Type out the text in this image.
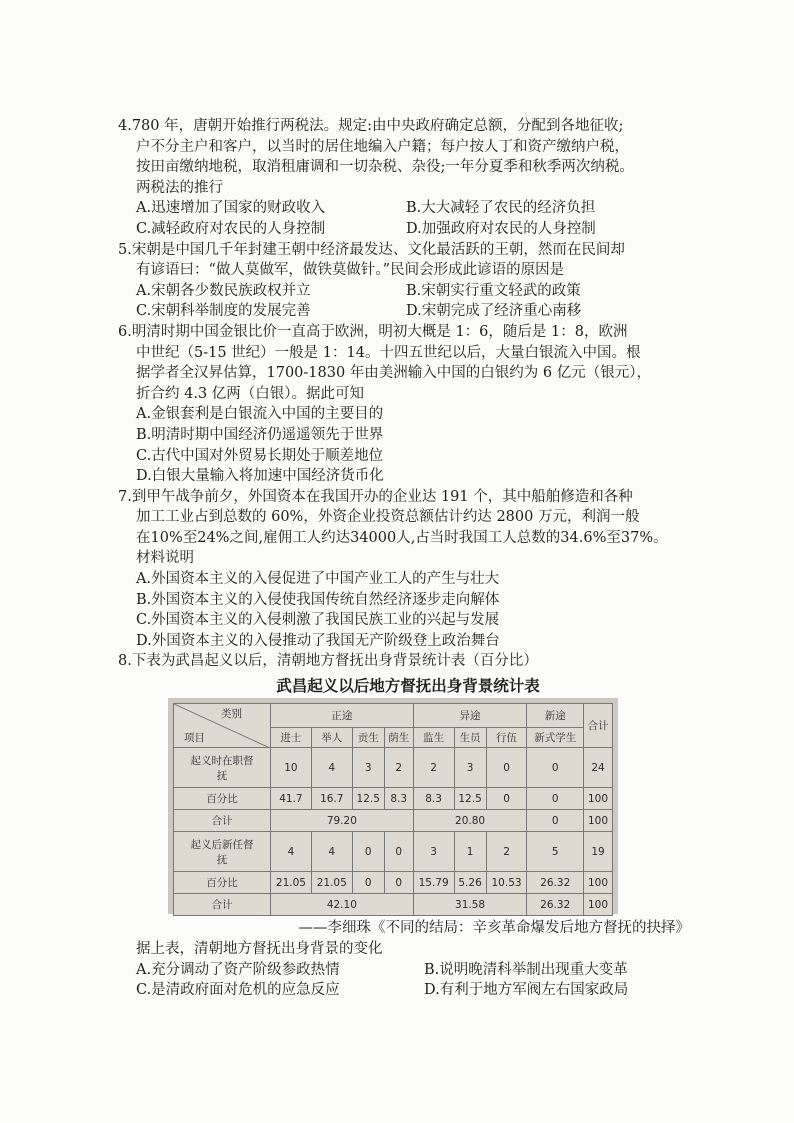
4.780 年，唐朝开始推行两税法。规定:由中央政府确定总额，分配到各地征收;
户不分主户和客户，以当时的居住地编入户籍；每户按人丁和资产缴纳户税，
按田亩缴纳地税，取消租庸调和一切杂税、杂役;一年分夏季和秋季两次纳税。
两税法的推行
A.迅速增加了国家的财政收入	B.大大减轻了农民的经济负担
C.减轻政府对农民的人身控制	D.加强政府对农民的人身控制
5.宋朝是中国几千年封建王朝中经济最发达、文化最活跃的王朝，然而在民间却
有谚语曰：“做人莫做军，做铁莫做针。”民间会形成此谚语的原因是
A.宋朝各少数民族政权并立	B.宋朝实行重文轻武的政策
C.宋朝科举制度的发展完善	D.宋朝完成了经济重心南移
6.明清时期中国金银比价一直高于欧洲，明初大概是 1：6，随后是 1：8，欧洲
中世纪（5-15 世纪）一般是 1：14。十四五世纪以后，大量白银流入中国。根
据学者全汉昇估算，1700-1830 年由美洲输入中国的白银约为 6 亿元（银元），
折合约 4.3 亿两（白银）。据此可知
A.金银套利是白银流入中国的主要目的
B.明清时期中国经济仍遥遥领先于世界
C.古代中国对外贸易长期处于顺差地位
D.白银大量输入将加速中国经济货币化
7.到甲午战争前夕，外国资本在我国开办的企业达 191 个，其中船舶修造和各种
加工工业占到总数的 60%，外资企业投资总额估计约达 2800 万元，利润一般
在10%至24%之间,雇佣工人约达34000人,占当时我国工人总数的34.6%至37%。
材料说明
A.外国资本主义的入侵促进了中国产业工人的产生与壮大
B.外国资本主义的入侵使我国传统自然经济逐步走向解体
C.外国资本主义的入侵刺激了我国民族工业的兴起与发展
D.外国资本主义的入侵推动了我国无产阶级登上政治舞台
8.下表为武昌起义以后，清朝地方督抚出身背景统计表（百分比）
武昌起义以后地方督抚出身背景统计表
类别
项目	正途				异途			新途	合计
	进士	举人	贡生	荫生	监生	生员	行伍	新式学生	
起义时在职督抚	10	4	3	2	2	3	0	0	24
百分比	41.7	16.7	12.5	8.3	8.3	12.5	0	0	100
合计	79.20				20.80			0	100
起义后新任督抚	4	4	0	0	3	1	2	5	19
百分比	21.05	21.05	0	0	15.79	5.26	10.53	26.32	100
合计	42.10				31.58			26.32	100
——李细珠《不同的结局：辛亥革命爆发后地方督抚的抉择》
据上表，清朝地方督抚出身背景的变化
A.充分调动了资产阶级参政热情	B.说明晚清科举制出现重大变革
C.是清政府面对危机的应急反应	D.有利于地方军阀左右国家政局
